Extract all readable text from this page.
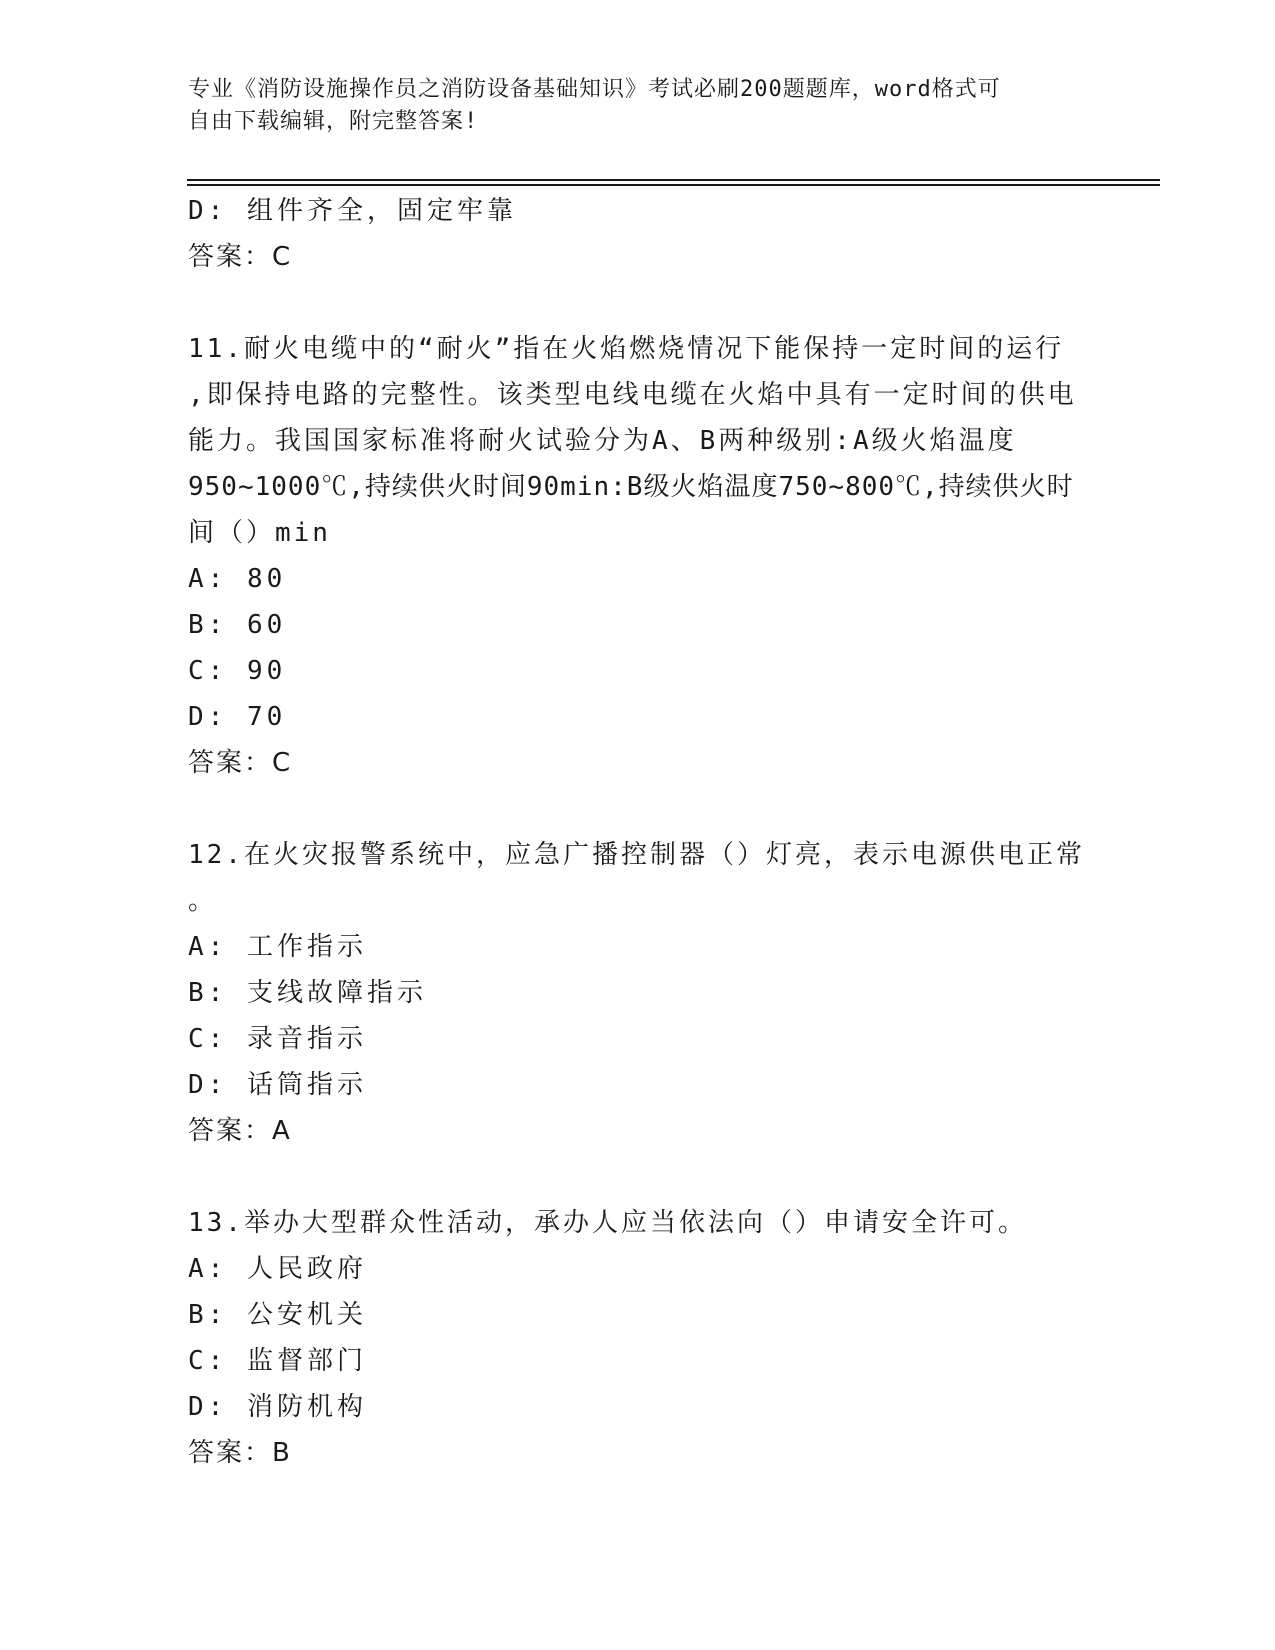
专业《消防设施操作员之消防设备基础知识》考试必刷200题题库，word格式可
自由下载编辑，附完整答案!
D: 组件齐全，固定牢靠
答案：C
11.耐火电缆中的“耐火”指在火焰燃烧情况下能保持一定时间的运行
,即保持电路的完整性。该类型电线电缆在火焰中具有一定时间的供电
能力。我国国家标准将耐火试验分为A、B两种级别:A级火焰温度
950~1000℃,持续供火时间90min:B级火焰温度750~800℃,持续供火时
间（）min
A: 80
B: 60
C: 90
D: 70
答案：C
12.在火灾报警系统中，应急广播控制器（）灯亮，表示电源供电正常
。
A: 工作指示
B: 支线故障指示
C: 录音指示
D: 话筒指示
答案：A
13.举办大型群众性活动，承办人应当依法向（）申请安全许可。
A: 人民政府
B: 公安机关
C: 监督部门
D: 消防机构
答案：B
